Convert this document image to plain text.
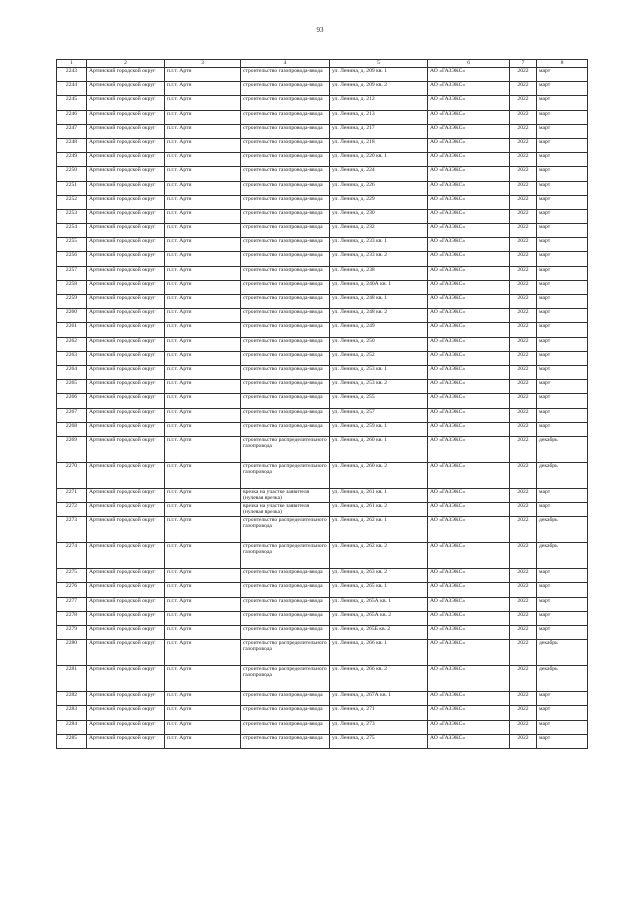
93
1	2	3	4	5	6	7	8
2243	Артинский городской округ	п.г.т. Арти	строительство газопровода-ввода	ул. Ленина, д. 209 кв. 1	АО «ГАЗЭКС»	2022	март
2244	Артинский городской округ	п.г.т. Арти	строительство газопровода-ввода	ул. Ленина, д. 209 кв. 2	АО «ГАЗЭКС»	2022	март
2245	Артинский городской округ	п.г.т. Арти	строительство газопровода-ввода	ул. Ленина, д. 212	АО «ГАЗЭКС»	2022	март
2246	Артинский городской округ	п.г.т. Арти	строительство газопровода-ввода	ул. Ленина, д. 213	АО «ГАЗЭКС»	2022	март
2247	Артинский городской округ	п.г.т. Арти	строительство газопровода-ввода	ул. Ленина, д. 217	АО «ГАЗЭКС»	2022	март
2248	Артинский городской округ	п.г.т. Арти	строительство газопровода-ввода	ул. Ленина, д. 218	АО «ГАЗЭКС»	2022	март
2249	Артинский городской округ	п.г.т. Арти	строительство газопровода-ввода	ул. Ленина, д. 220 кв. 1	АО «ГАЗЭКС»	2022	март
2250	Артинский городской округ	п.г.т. Арти	строительство газопровода-ввода	ул. Ленина, д. 224	АО «ГАЗЭКС»	2022	март
2251	Артинский городской округ	п.г.т. Арти	строительство газопровода-ввода	ул. Ленина, д. 226	АО «ГАЗЭКС»	2022	март
2252	Артинский городской округ	п.г.т. Арти	строительство газопровода-ввода	ул. Ленина, д. 229	АО «ГАЗЭКС»	2022	март
2253	Артинский городской округ	п.г.т. Арти	строительство газопровода-ввода	ул. Ленина, д. 230	АО «ГАЗЭКС»	2022	март
2254	Артинский городской округ	п.г.т. Арти	строительство газопровода-ввода	ул. Ленина, д. 232	АО «ГАЗЭКС»	2022	март
2255	Артинский городской округ	п.г.т. Арти	строительство газопровода-ввода	ул. Ленина, д. 233 кв. 1	АО «ГАЗЭКС»	2022	март
2256	Артинский городской округ	п.г.т. Арти	строительство газопровода-ввода	ул. Ленина, д. 233 кв. 2	АО «ГАЗЭКС»	2022	март
2257	Артинский городской округ	п.г.т. Арти	строительство газопровода-ввода	ул. Ленина, д. 238	АО «ГАЗЭКС»	2022	март
2258	Артинский городской округ	п.г.т. Арти	строительство газопровода-ввода	ул. Ленина, д. 240А кв. 1	АО «ГАЗЭКС»	2022	март
2259	Артинский городской округ	п.г.т. Арти	строительство газопровода-ввода	ул. Ленина, д. 248 кв. 1	АО «ГАЗЭКС»	2022	март
2260	Артинский городской округ	п.г.т. Арти	строительство газопровода-ввода	ул. Ленина, д. 248 кв. 2	АО «ГАЗЭКС»	2022	март
2261	Артинский городской округ	п.г.т. Арти	строительство газопровода-ввода	ул. Ленина, д. 249	АО «ГАЗЭКС»	2022	март
2262	Артинский городской округ	п.г.т. Арти	строительство газопровода-ввода	ул. Ленина, д. 250	АО «ГАЗЭКС»	2022	март
2263	Артинский городской округ	п.г.т. Арти	строительство газопровода-ввода	ул. Ленина, д. 252	АО «ГАЗЭКС»	2022	март
2264	Артинский городской округ	п.г.т. Арти	строительство газопровода-ввода	ул. Ленина, д. 253 кв. 1	АО «ГАЗЭКС»	2022	март
2265	Артинский городской округ	п.г.т. Арти	строительство газопровода-ввода	ул. Ленина, д. 253 кв. 2	АО «ГАЗЭКС»	2022	март
2266	Артинский городской округ	п.г.т. Арти	строительство газопровода-ввода	ул. Ленина, д. 255	АО «ГАЗЭКС»	2022	март
2267	Артинский городской округ	п.г.т. Арти	строительство газопровода-ввода	ул. Ленина, д. 257	АО «ГАЗЭКС»	2022	март
2268	Артинский городской округ	п.г.т. Арти	строительство газопровода-ввода	ул. Ленина, д. 259 кв. 1	АО «ГАЗЭКС»	2022	март
2269	Артинский городской округ	п.г.т. Арти	строительство распределительного газопровода	ул. Ленина, д. 260 кв. 1	АО «ГАЗЭКС»	2022	декабрь
2270	Артинский городской округ	п.г.т. Арти	строительство распределительного газопровода	ул. Ленина, д. 260 кв. 2	АО «ГАЗЭКС»	2022	декабрь
2271	Артинский городской округ	п.г.т. Арти	врезка на участке заявителя (нулевая врезка)	ул. Ленина, д. 261 кв. 1	АО «ГАЗЭКС»	2022	март
2272	Артинский городской округ	п.г.т. Арти	врезка на участке заявителя (нулевая врезка)	ул. Ленина, д. 261 кв. 2	АО «ГАЗЭКС»	2022	март
2273	Артинский городской округ	п.г.т. Арти	строительство распределительного газопровода	ул. Ленина, д. 262 кв. 1	АО «ГАЗЭКС»	2022	декабрь
2274	Артинский городской округ	п.г.т. Арти	строительство распределительного газопровода	ул. Ленина, д. 262 кв. 2	АО «ГАЗЭКС»	2022	декабрь
2275	Артинский городской округ	п.г.т. Арти	строительство газопровода-ввода	ул. Ленина, д. 263 кв. 2	АО «ГАЗЭКС»	2022	март
2276	Артинский городской округ	п.г.т. Арти	строительство газопровода-ввода	ул. Ленина, д. 265 кв. 1	АО «ГАЗЭКС»	2022	март
2277	Артинский городской округ	п.г.т. Арти	строительство газопровода-ввода	ул. Ленина, д. 265А кв. 1	АО «ГАЗЭКС»	2022	март
2278	Артинский городской округ	п.г.т. Арти	строительство газопровода-ввода	ул. Ленина, д. 265А кв. 2	АО «ГАЗЭКС»	2022	март
2279	Артинский городской округ	п.г.т. Арти	строительство газопровода-ввода	ул. Ленина, д. 265Б кв. 2	АО «ГАЗЭКС»	2022	март
2280	Артинский городской округ	п.г.т. Арти	строительство распределительного газопровода	ул. Ленина, д. 266 кв. 1	АО «ГАЗЭКС»	2022	декабрь
2281	Артинский городской округ	п.г.т. Арти	строительство распределительного газопровода	ул. Ленина, д. 266 кв. 2	АО «ГАЗЭКС»	2022	декабрь
2282	Артинский городской округ	п.г.т. Арти	строительство газопровода-ввода	ул. Ленина, д. 267А кв. 1	АО «ГАЗЭКС»	2022	март
2283	Артинский городской округ	п.г.т. Арти	строительство газопровода-ввода	ул. Ленина, д. 271	АО «ГАЗЭКС»	2022	март
2284	Артинский городской округ	п.г.т. Арти	строительство газопровода-ввода	ул. Ленина, д. 273	АО «ГАЗЭКС»	2022	март
2285	Артинский городской округ	п.г.т. Арти	строительство газопровода-ввода	ул. Ленина, д. 275	АО «ГАЗЭКС»	2022	март
